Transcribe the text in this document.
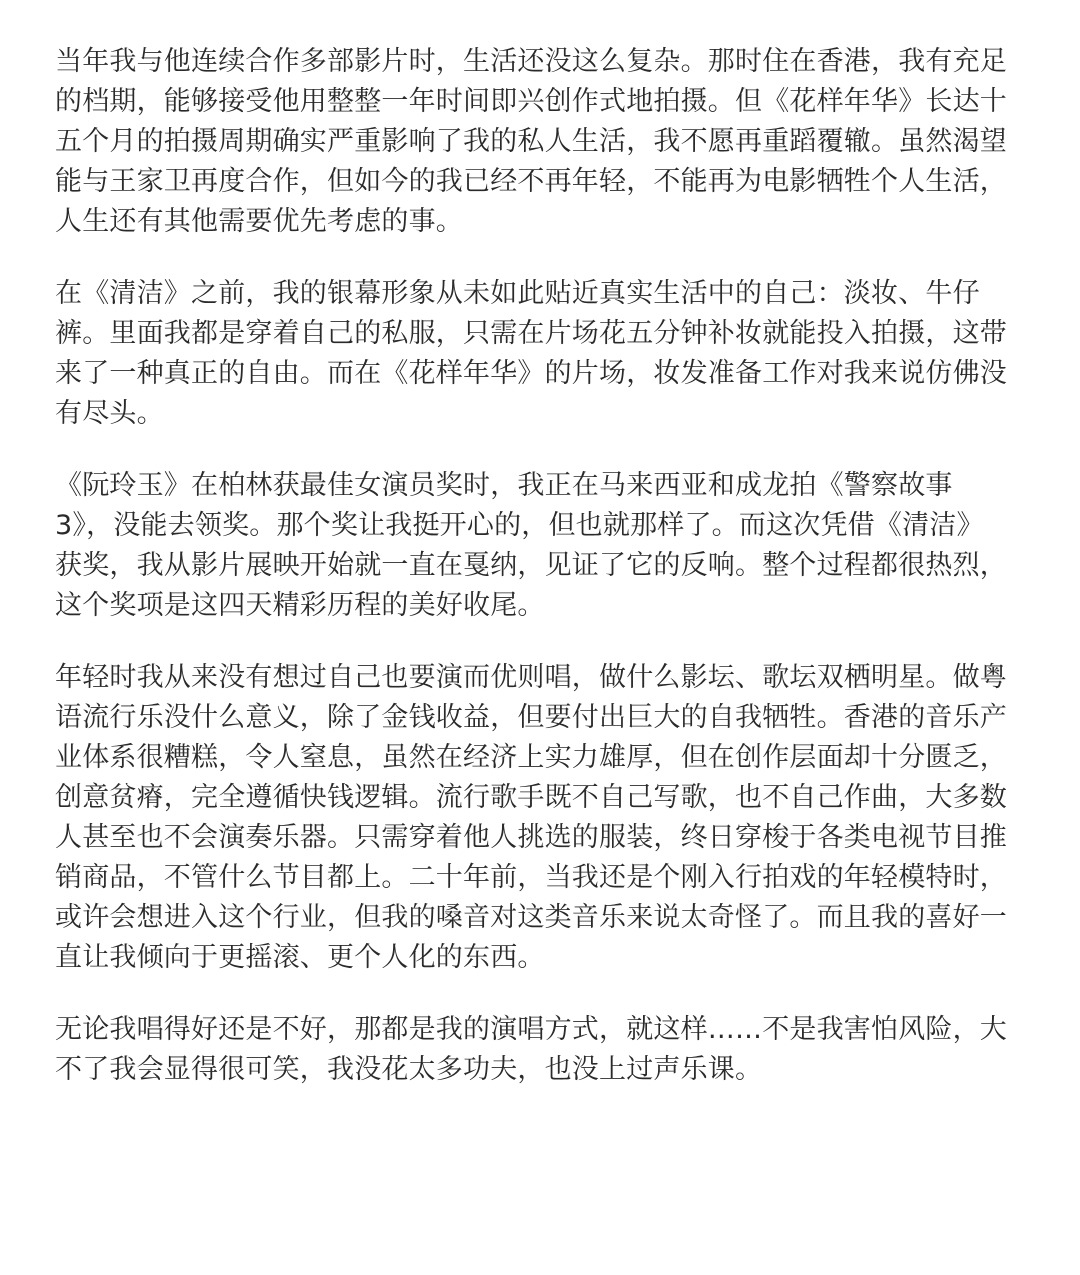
当年我与他连续合作多部影片时，生活还没这么复杂。那时住在香港，我有充足
的档期，能够接受他用整整一年时间即兴创作式地拍摄。但《花样年华》长达十
五个月的拍摄周期确实严重影响了我的私人生活，我不愿再重蹈覆辙。虽然渴望
能与王家卫再度合作，但如今的我已经不再年轻，不能再为电影牺牲个人生活，
人生还有其他需要优先考虑的事。

在《清洁》之前，我的银幕形象从未如此贴近真实生活中的自己：淡妆、牛仔
裤。里面我都是穿着自己的私服，只需在片场花五分钟补妆就能投入拍摄，这带
来了一种真正的自由。而在《花样年华》的片场，妆发准备工作对我来说仿佛没
有尽头。

《阮玲玉》在柏林获最佳女演员奖时，我正在马来西亚和成龙拍《警察故事
3》，没能去领奖。那个奖让我挺开心的，但也就那样了。而这次凭借《清洁》
获奖，我从影片展映开始就一直在戛纳，见证了它的反响。整个过程都很热烈，
这个奖项是这四天精彩历程的美好收尾。

年轻时我从来没有想过自己也要演而优则唱，做什么影坛、歌坛双栖明星。做粤
语流行乐没什么意义，除了金钱收益，但要付出巨大的自我牺牲。香港的音乐产
业体系很糟糕，令人窒息，虽然在经济上实力雄厚，但在创作层面却十分匮乏，
创意贫瘠，完全遵循快钱逻辑。流行歌手既不自己写歌，也不自己作曲，大多数
人甚至也不会演奏乐器。只需穿着他人挑选的服装，终日穿梭于各类电视节目推
销商品，不管什么节目都上。二十年前，当我还是个刚入行拍戏的年轻模特时，
或许会想进入这个行业，但我的嗓音对这类音乐来说太奇怪了。而且我的喜好一
直让我倾向于更摇滚、更个人化的东西。

无论我唱得好还是不好，那都是我的演唱方式，就这样……不是我害怕风险，大
不了我会显得很可笑，我没花太多功夫，也没上过声乐课。
